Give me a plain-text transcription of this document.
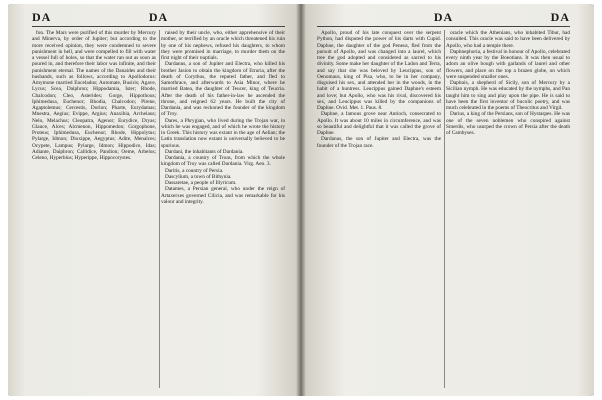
DA	DA

fon. The Mars were purified of this murder by Mercury and Minerva, by order of Jupiter; but according to the more received opinion, they were condemned to severe punishment in hell, and were compelled to fill with water a vessel full of holes, so that the water ran out as soon as poured in, and therefore their labor was infinite, and their punishment eternal. The names of the Danaides and their husbands, such as follows, according to Apollodorus: Amymone married Enceladus; Automate, Busiris; Agave, Lycus; Scea, Daiphron; Hippodamia, Ister; Rhode, Chalcodon; Cleo, Asterides; Gorge, Hippothous; Iphimedusa, Euchenor; Rhodia, Chalcodon; Pirene, Agaptolemus; Cercestis, Dorion; Pharte, Eurydamas; Mnestra, Aegius; Evippe, Argius; Anaxibia, Archelaus; Nelo, Melachus; Cleopatra, Agenor; Eurydice, Dryas; Glauce, Alces; Alcmenon, Hippomedon; Gorgophone, Proteus; Iphimedusa, Euchenor; Rhode, Hippolytus; Pylarge, Idmon; Dioxippe, Aegyptus; Adite, Menalces; Ocypete, Lampus; Pylarge, Idmon; Hippodice, Idas; Adiante, Daiphron; Callidice, Pandion; Oeme, Arbelus; Celeno, Hyperbius; Hyperippe, Hippocorystes.

raised by their uncle, who, either apprehensive of their mother, or terrified by an oracle which threatened his ruin by one of his nephews, refused his daughters, to whom they were promised in marriage, to murder them on the first night of their nuptials.

Dardanus, a son of Jupiter and Electra, who killed his brother Jasion to obtain the kingdom of Etruria, after the death of Corythus, the reputed father, and fled to Samothrace, and afterwards to Asia Minor, where he married Batea, the daughter of Teucer, king of Teucria. After the death of his father-in-law he ascended the throne, and reigned 62 years. He built the city of Dardania, and was reckoned the founder of the kingdom of Troy.

Dares, a Phrygian, who lived during the Trojan war, in which he was engaged, and of which he wrote the history in Greek. This history was extant in the age of Aelian; the Latin translation now extant is universally believed to be spurious.

Dardani, the inhabitants of Dardania.

Dardania, a country of Troas, from which the whole kingdom of Troy was called Dardania. Virg. Aen. 3.

Daritis, a country of Persia.

Dascylium, a town of Bithynia.

Dassaretae, a people of Illyricum.

Datames, a Persian general, who under the reign of Artaxerxes governed Cilicia, and was remarkable for his valour and integrity.

DA	DA

Apollo, proud of his late conquest over the serpent Python, had disputed the power of his darts with Cupid. Daphne, the daughter of the god Peneus, fled from the pursuit of Apollo, and was changed into a laurel, which tree the god adopted and considered as sacred to his divinity. Some make her daughter of the Ladon and Terra, and say that she was beloved by Leucippus, son of Oenomaus, king of Pisa, who, to be in her company, disguised his sex, and attended her in the woods, in the habit of a huntress. Leucippus gained Daphne's esteem and love; but Apollo, who was his rival, discovered his sex, and Leucippus was killed by the companions of Daphne. Ovid. Met. 1. Paus. 8.

Daphne, a famous grove near Antioch, consecrated to Apollo. It was about 10 miles in circumference, and was so beautiful and delightful that it was called the grove of Daphne.

Dardanus, the son of Jupiter and Electra, was the founder of the Trojan race.

oracle which the Athenians, who inhabited Tibur, had consulted. This oracle was said to have been delivered by Apollo, who had a temple there.

Daphnephoria, a festival in honour of Apollo, celebrated every ninth year by the Boeotians. It was then usual to adorn an olive bough with garlands of laurel and other flowers, and place on the top a brazen globe, on which were suspended smaller ones.

Daphnis, a shepherd of Sicily, son of Mercury by a Sicilian nymph. He was educated by the nymphs, and Pan taught him to sing and play upon the pipe. He is said to have been the first inventor of bucolic poetry, and was much celebrated in the poems of Theocritus and Virgil.

Darius, a king of the Persians, son of Hystaspes. He was one of the seven noblemen who conspired against Smerdis, who usurped the crown of Persia after the death of Cambyses.
